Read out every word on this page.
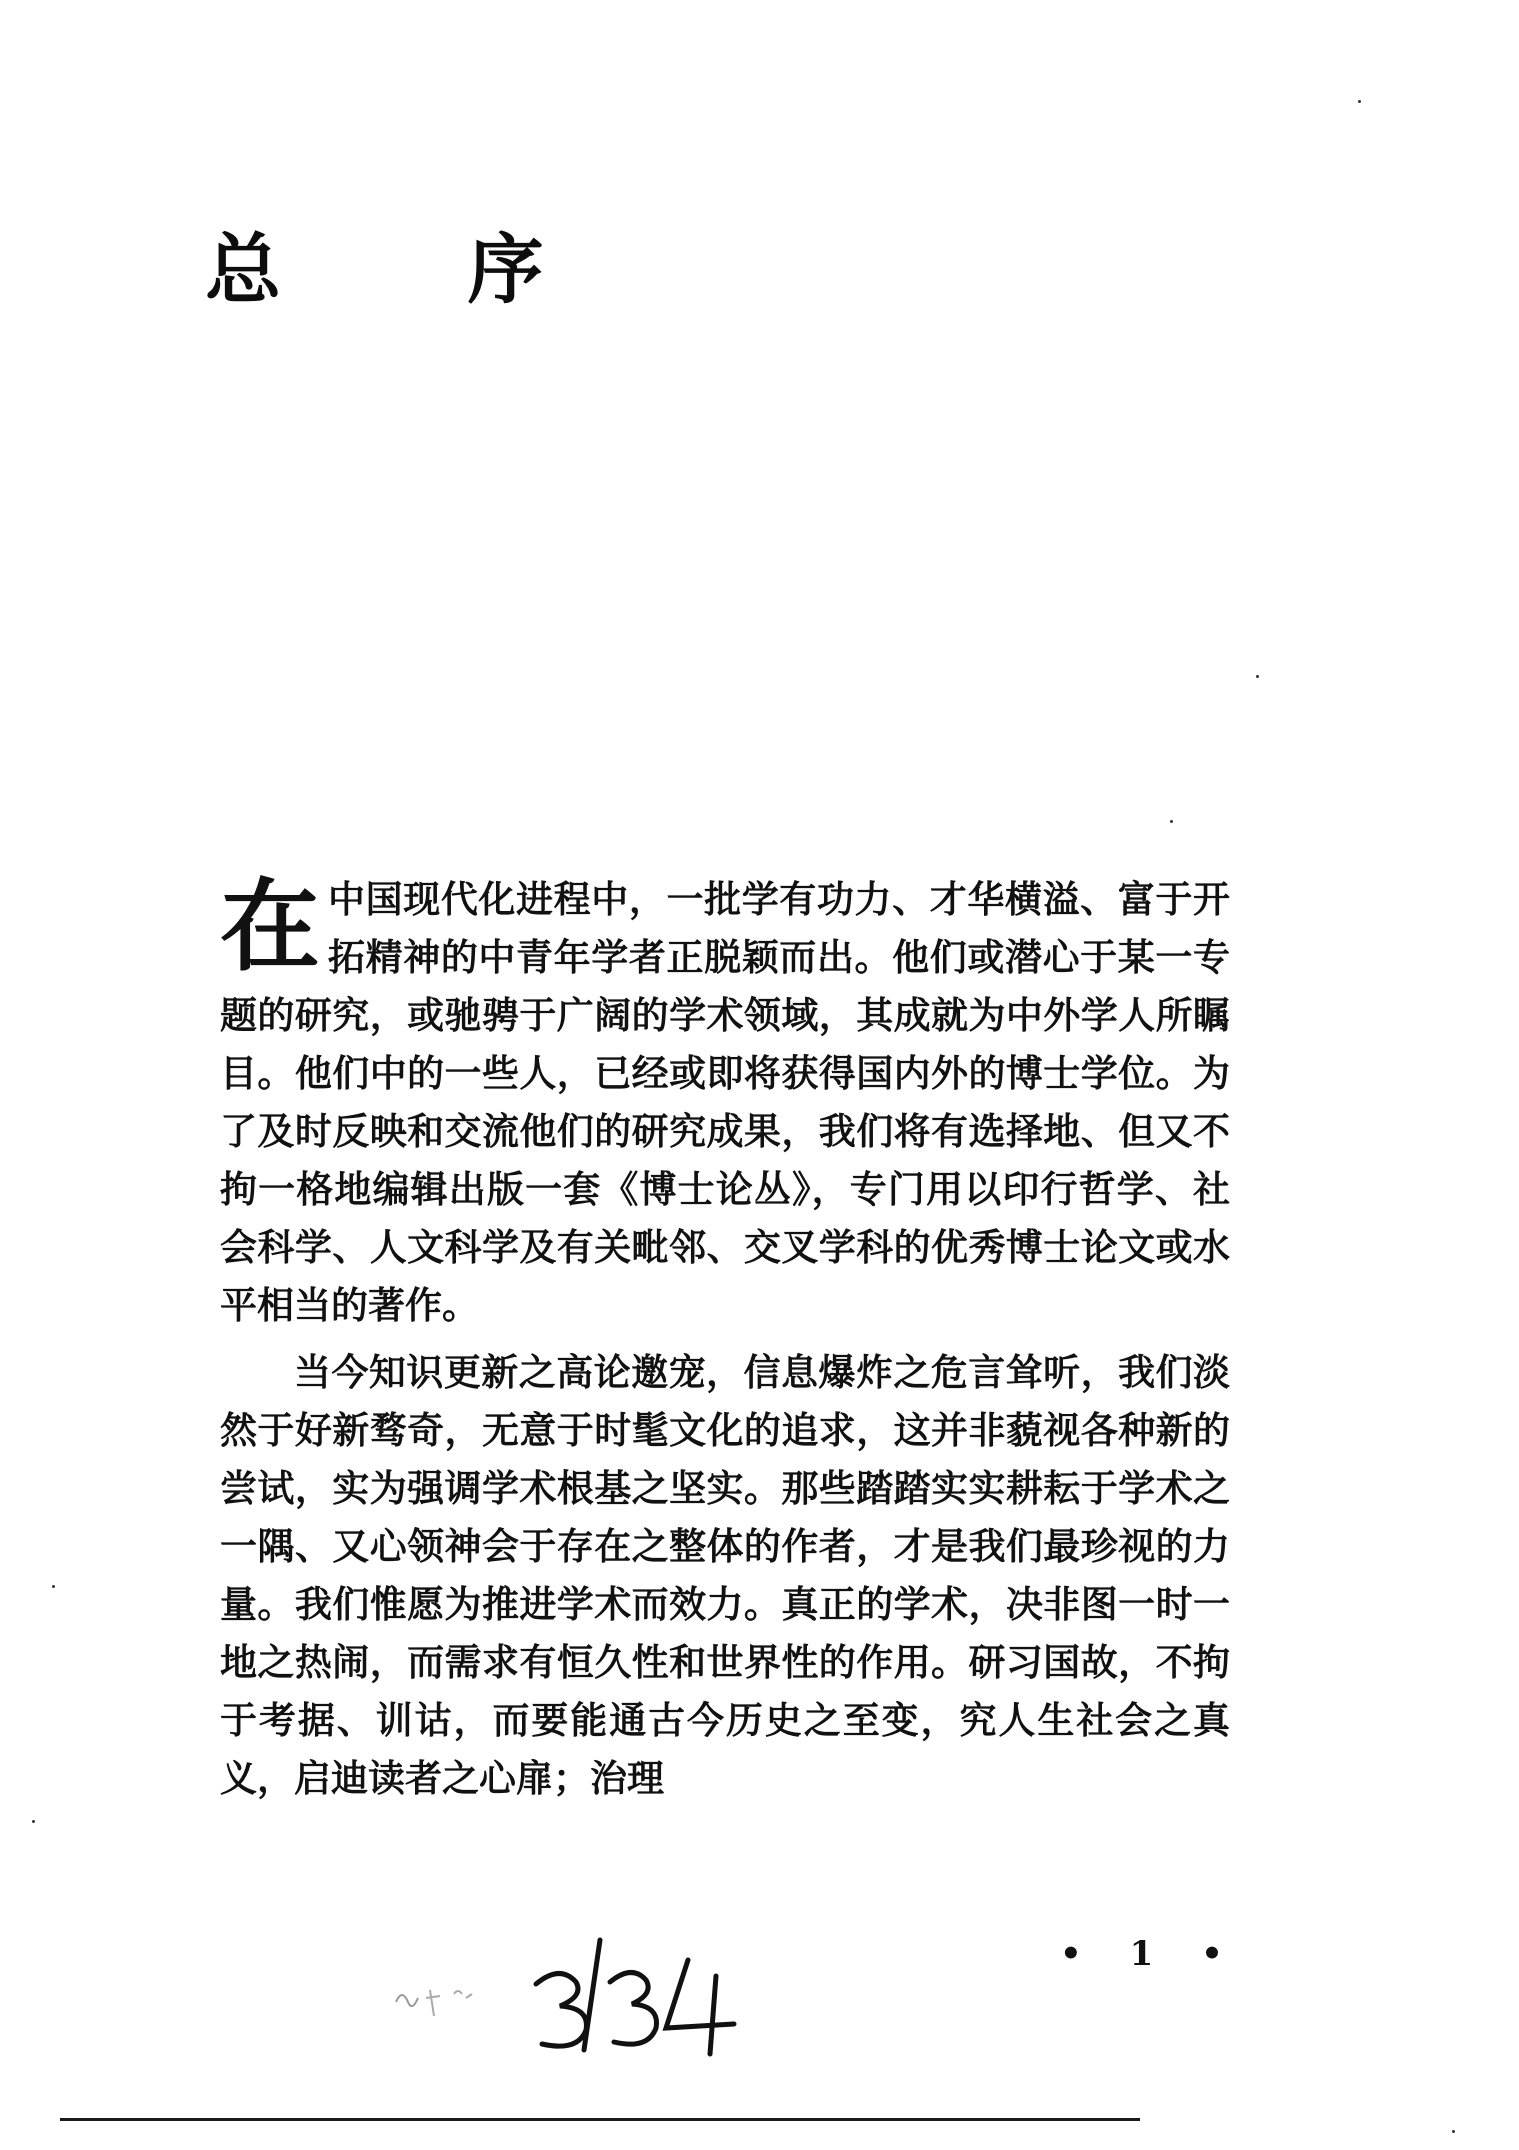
总 序

在中国现代化进程中，一批学有功力、才华横溢、富于开拓精神的中青年学者正脱颖而出。他们或潜心于某一专题的研究，或驰骋于广阔的学术领域，其成就为中外学人所瞩目。他们中的一些人，已经或即将获得国内外的博士学位。为了及时反映和交流他们的研究成果，我们将有选择地、但又不拘一格地编辑出版一套《博士论丛》，专门用以印行哲学、社会科学、人文科学及有关毗邻、交叉学科的优秀博士论文或水平相当的著作。

当今知识更新之高论邀宠，信息爆炸之危言耸听，我们淡然于好新骛奇，无意于时髦文化的追求，这并非藐视各种新的尝试，实为强调学术根基之坚实。那些踏踏实实耕耘于学术之一隅、又心领神会于存在之整体的作者，才是我们最珍视的力量。我们惟愿为推进学术而效力。真正的学术，决非图一时一地之热闹，而需求有恒久性和世界性的作用。研习国故，不拘于考据、训诂，而要能通古今历史之至变，究人生社会之真义，启迪读者之心扉；治理

• 1 •
